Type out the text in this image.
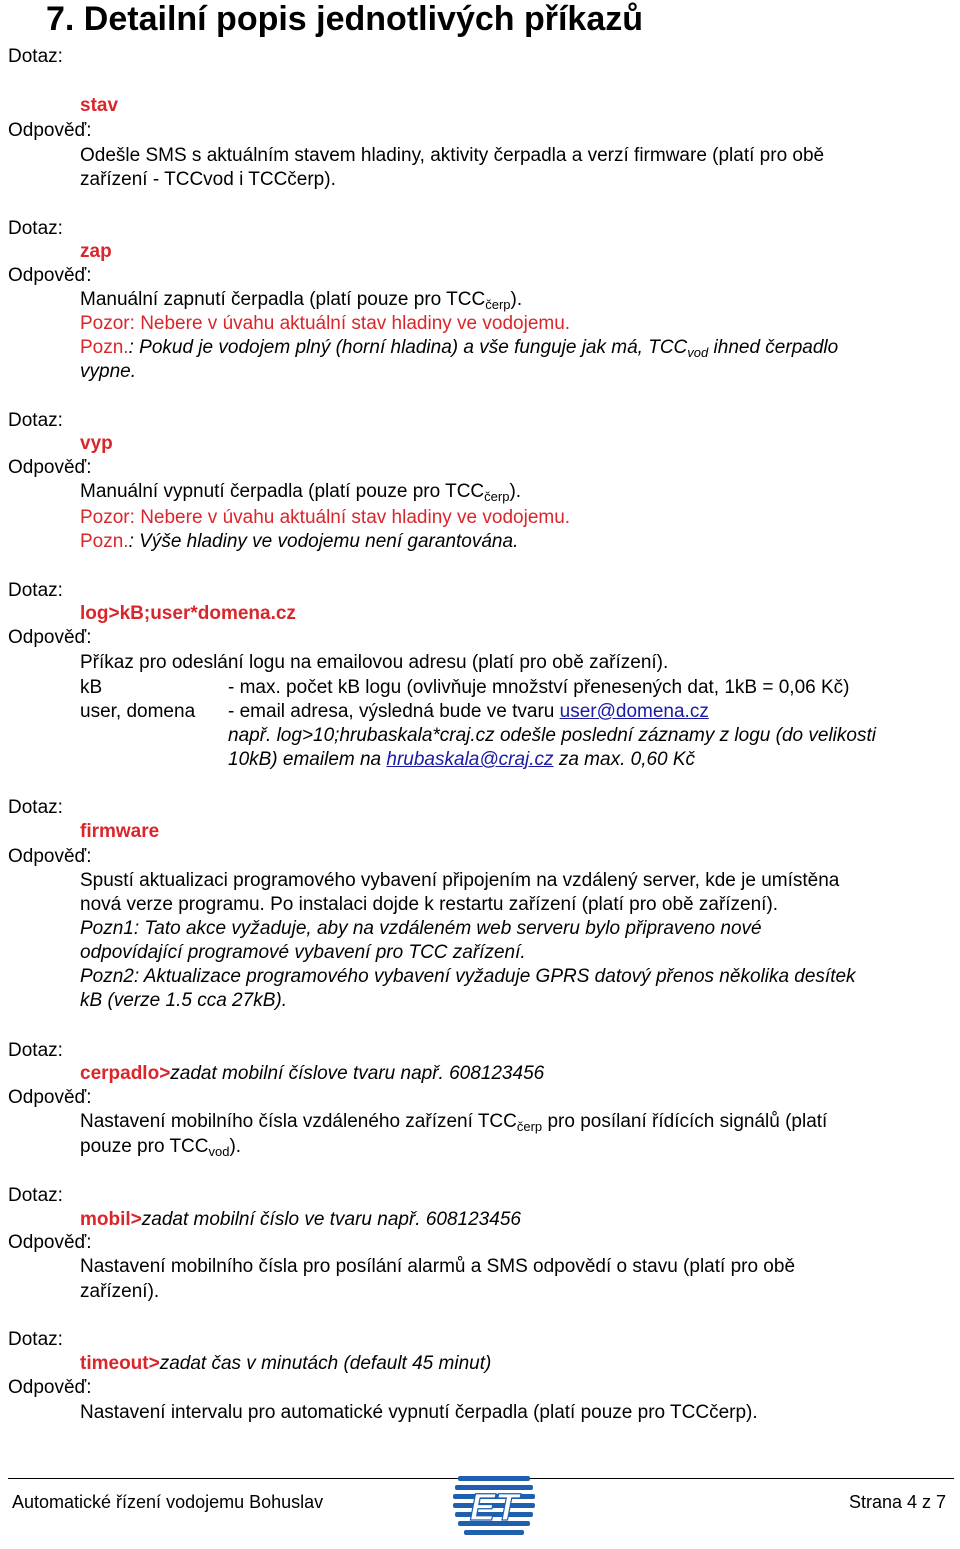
7. Detailní popis jednotlivých příkazů
Dotaz:
stav
Odpověď:
Odešle SMS s aktuálním stavem hladiny, aktivity čerpadla a verzí firmware (platí pro obě
zařízení - TCCvod i TCCčerp).
Dotaz:
zap
Odpověď:
Manuální zapnutí čerpadla (platí pouze pro $TCC_{čerp}$).
Pozor: Nebere v úvahu aktuální stav hladiny ve vodojemu.
Pozn.: Pokud je vodojem plný (horní hladina) a vše funguje jak má, $TCC_{vod}$ ihned čerpadlo
vypne.
Dotaz:
vyp
Odpověď:
Manuální vypnutí čerpadla (platí pouze pro $TCC_{čerp}$).
Pozor: Nebere v úvahu aktuální stav hladiny ve vodojemu.
Pozn.: Výše hladiny ve vodojemu není garantována.
Dotaz:
log>kB;user*domena.cz
Odpověď:
Příkaz pro odeslání logu na emailovou adresu (platí pro obě zařízení).
kB	- max. počet kB logu (ovlivňuje množství přenesených dat, 1kB = 0,06 Kč)
user, domena - email adresa, výsledná bude ve tvaru user@domena.cz
např. log>10;hrubaskala*craj.cz odešle poslední záznamy z logu (do velikosti
10kB) emailem na hrubaskala@craj.cz za max. 0,60 Kč
Dotaz:
firmware
Odpověď:
Spustí aktualizaci programového vybavení připojením na vzdálený server, kde je umístěna
nová verze programu. Po instalaci dojde k restartu zařízení (platí pro obě zařízení).
Pozn1: Tato akce vyžaduje, aby na vzdáleném web serveru bylo připraveno nové
odpovídající programové vybavení pro TCC zařízení.
Pozn2: Aktualizace programového vybavení vyžaduje GPRS datový přenos několika desítek
kB (verze 1.5 cca 27kB).
Dotaz:
cerpadlo>zadat mobilní číslove tvaru např. 608123456
Odpověď:
Nastavení mobilního čísla vzdáleného zařízení $TCC_{čerp}$ pro posílaní řídících signálů (platí
pouze pro $TCC_{vod}$).
Dotaz:
mobil>zadat mobilní číslo ve tvaru např. 608123456
Odpověď:
Nastavení mobilního čísla pro posílání alarmů a SMS odpovědí o stavu (platí pro obě
zařízení).
Dotaz:
timeout>zadat čas v minutách (default 45 minut)
Odpověď:
Nastavení intervalu pro automatické vypnutí čerpadla (platí pouze pro TCCčerp).
Automatické řízení vodojemu Bohuslav	ET	Strana 4 z 7
